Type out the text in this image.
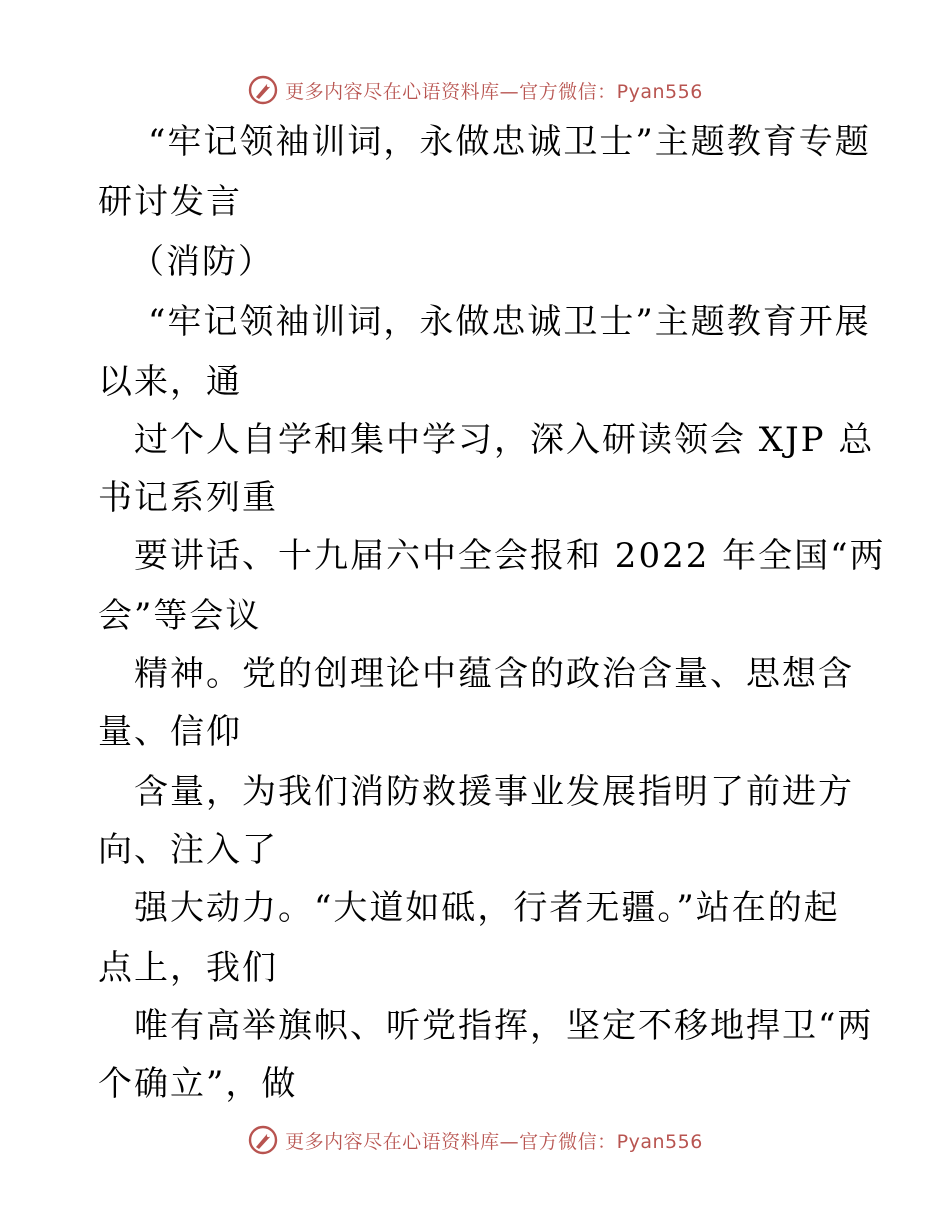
更多内容尽在心语资料库—官方微信：Pyan556
“牢记领袖训词，永做忠诚卫士”主题教育专题
研讨发言
（消防）
“牢记领袖训词，永做忠诚卫士”主题教育开展
以来，通
过个人自学和集中学习，深入研读领会 XJP 总
书记系列重
要讲话、十九届六中全会报和 2022 年全国“两
会”等会议
精神。党的创理论中蕴含的政治含量、思想含
量、信仰
含量，为我们消防救援事业发展指明了前进方
向、注入了
强大动力。“大道如砥，行者无疆。”站在的起
点上，我们
唯有高举旗帜、听党指挥，坚定不移地捍卫“两
个确立”，做
更多内容尽在心语资料库—官方微信：Pyan556
